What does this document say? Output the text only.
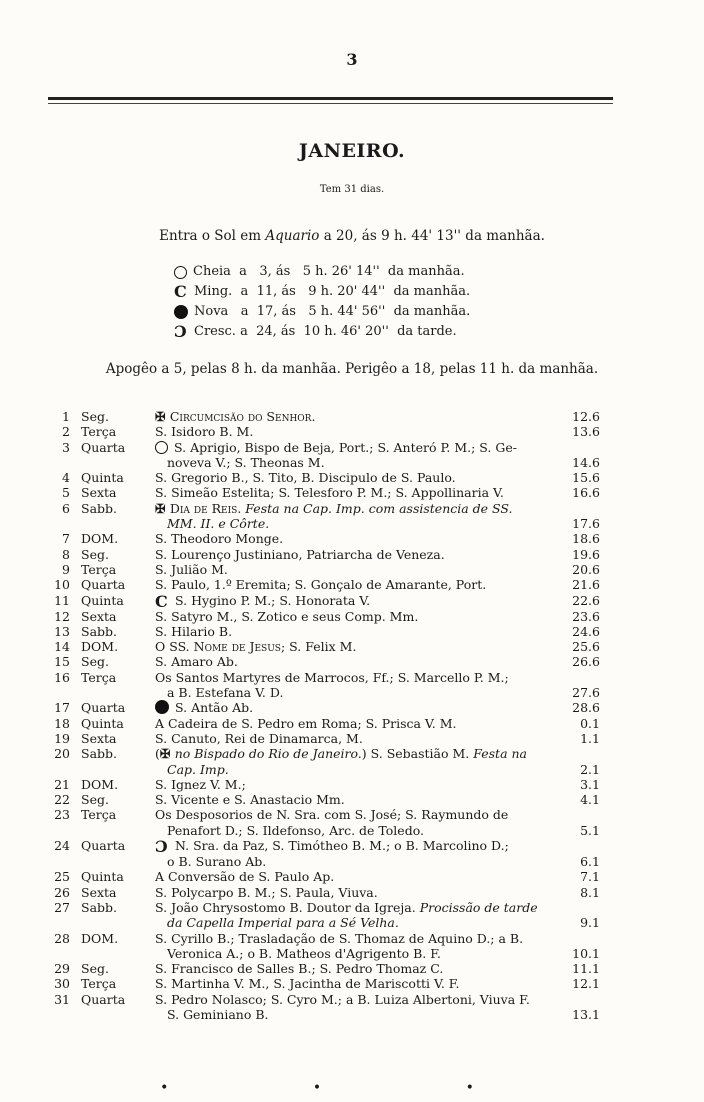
3
JANEIRO.
Tem 31 dias.
Entra o Sol em Aquario a 20, ás 9 h. 44' 13'' da manhãa.
Cheia  a   3, ás   5 h. 26' 14''  da manhãa.
C Ming.  a  11, ás   9 h. 20' 44''  da manhãa.
Nova   a  17, ás   5 h. 44' 56''  da manhãa.
Ɔ Cresc. a  24, ás  10 h. 46' 20''  da tarde.
Apogêo a 5, pelas 8 h. da manhãa. Perigêo a 18, pelas 11 h. da manhãa.
1 Seg.	✠ Circumcisão do Senhor.	12.6
2 Terça	S. Isidoro B. M.	13.6
3 Quarta	S. Aprigio, Bispo de Beja, Port.; S. Anteró P. M.; S. Ge-
noveva V.; S. Theonas M.	14.6
4 Quinta	S. Gregorio B., S. Tito, B. Discipulo de S. Paulo.	15.6
5 Sexta	S. Simeão Estelita; S. Telesforo P. M.; S. Appollinaria V.	16.6
6 Sabb.	✠ Dia de Reis. Festa na Cap. Imp. com assistencia de SS.
MM. II. e Côrte.	17.6
7 DOM.	S. Theodoro Monge.	18.6
8 Seg.	S. Lourenço Justiniano, Patriarcha de Veneza.	19.6
9 Terça	S. Julião M.	20.6
10 Quarta	S. Paulo, 1.º Eremita; S. Gonçalo de Amarante, Port.	21.6
11 Quinta	C S. Hygino P. M.; S. Honorata V.	22.6
12 Sexta	S. Satyro M., S. Zotico e seus Comp. Mm.	23.6
13 Sabb.	S. Hilario B.	24.6
14 DOM.	O SS. Nome de Jesus; S. Felix M.	25.6
15 Seg.	S. Amaro Ab.	26.6
16 Terça	Os Santos Martyres de Marrocos, Ff.; S. Marcello P. M.;
a B. Estefana V. D.	27.6
17 Quarta	S. Antão Ab.	28.6
18 Quinta	A Cadeira de S. Pedro em Roma; S. Prisca V. M.	0.1
19 Sexta	S. Canuto, Rei de Dinamarca, M.	1.1
20 Sabb.	(✠ no Bispado do Rio de Janeiro.) S. Sebastião M. Festa na
Cap. Imp.	2.1
21 DOM.	S. Ignez V. M.;	3.1
22 Seg.	S. Vicente e S. Anastacio Mm.	4.1
23 Terça	Os Desposorios de N. Sra. com S. José; S. Raymundo de
Penafort D.; S. Ildefonso, Arc. de Toledo.	5.1
24 Quarta	Ɔ N. Sra. da Paz, S. Timótheo B. M.; o B. Marcolino D.;
o B. Surano Ab.	6.1
25 Quinta	A Conversão de S. Paulo Ap.	7.1
26 Sexta	S. Polycarpo B. M.; S. Paula, Viuva.	8.1
27 Sabb.	S. João Chrysostomo B. Doutor da Igreja. Procissão de tarde
da Capella Imperial para a Sé Velha.	9.1
28 DOM.	S. Cyrillo B.; Trasladação de S. Thomaz de Aquino D.; a B.
Veronica A.; o B. Matheos d'Agrigento B. F.	10.1
29 Seg.	S. Francisco de Salles B.; S. Pedro Thomaz C.	11.1
30 Terça	S. Martinha V. M., S. Jacintha de Mariscotti V. F.	12.1
31 Quarta	S. Pedro Nolasco; S. Cyro M.; a B. Luiza Albertoni, Viuva F.
S. Geminiano B.	13.1
• • •
